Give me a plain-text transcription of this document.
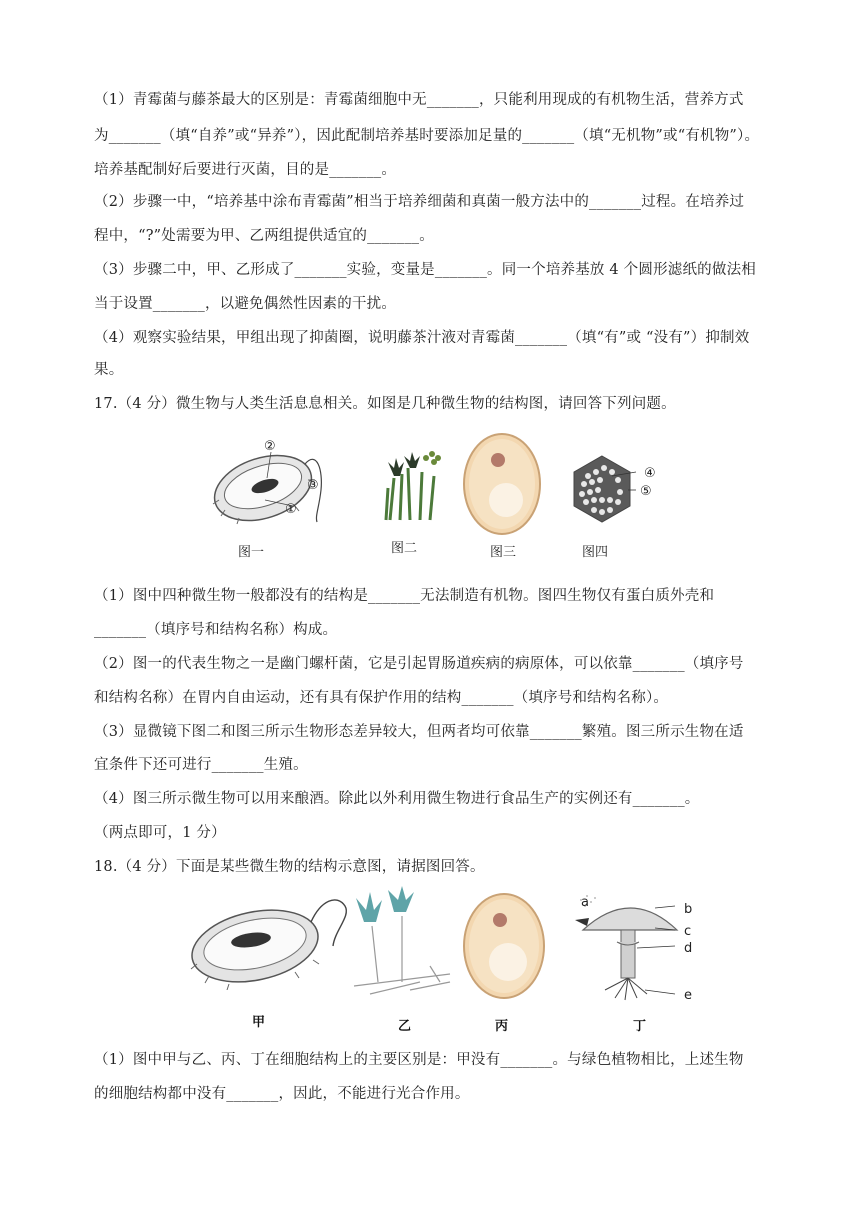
（1）青霉菌与藤茶最大的区别是：青霉菌细胞中无_______，只能利用现成的有机物生活，营养方式
为_______（填“自养”或“异养”），因此配制培养基时要添加足量的_______（填“无机物”或“有机物”）。
培养基配制好后要进行灭菌，目的是_______。
（2）步骤一中，“培养基中涂布青霉菌”相当于培养细菌和真菌一般方法中的_______过程。在培养过
程中，“?”处需要为甲、乙两组提供适宜的_______。
（3）步骤二中，甲、乙形成了_______实验，变量是_______。同一个培养基放 4 个圆形滤纸的做法相
当于设置_______，以避免偶然性因素的干扰。
（4）观察实验结果，甲组出现了抑菌圈，说明藤茶汁液对青霉菌_______（填“有”或 “没有”）抑制效
果。
17.（4 分）微生物与人类生活息息相关。如图是几种微生物的结构图，请回答下列问题。
②
③
①
图一	图二	图三
④
⑤
图四
（1）图中四种微生物一般都没有的结构是_______无法制造有机物。图四生物仅有蛋白质外壳和
_______（填序号和结构名称）构成。
（2）图一的代表生物之一是幽门螺杆菌，它是引起胃肠道疾病的病原体，可以依靠_______（填序号
和结构名称）在胃内自由运动，还有具有保护作用的结构_______（填序号和结构名称）。
（3）显微镜下图二和图三所示生物形态差异较大，但两者均可依靠_______繁殖。图三所示生物在适
宜条件下还可进行_______生殖。
（4）图三所示微生物可以用来酿酒。除此以外利用微生物进行食品生产的实例还有_______。
（两点即可，1 分）
18.（4 分）下面是某些微生物的结构示意图，请据图回答。
甲	乙	丙
a	b
c
d
e
丁
（1）图中甲与乙、丙、丁在细胞结构上的主要区别是：甲没有_______。与绿色植物相比，上述生物
的细胞结构都中没有_______，因此，不能进行光合作用。
